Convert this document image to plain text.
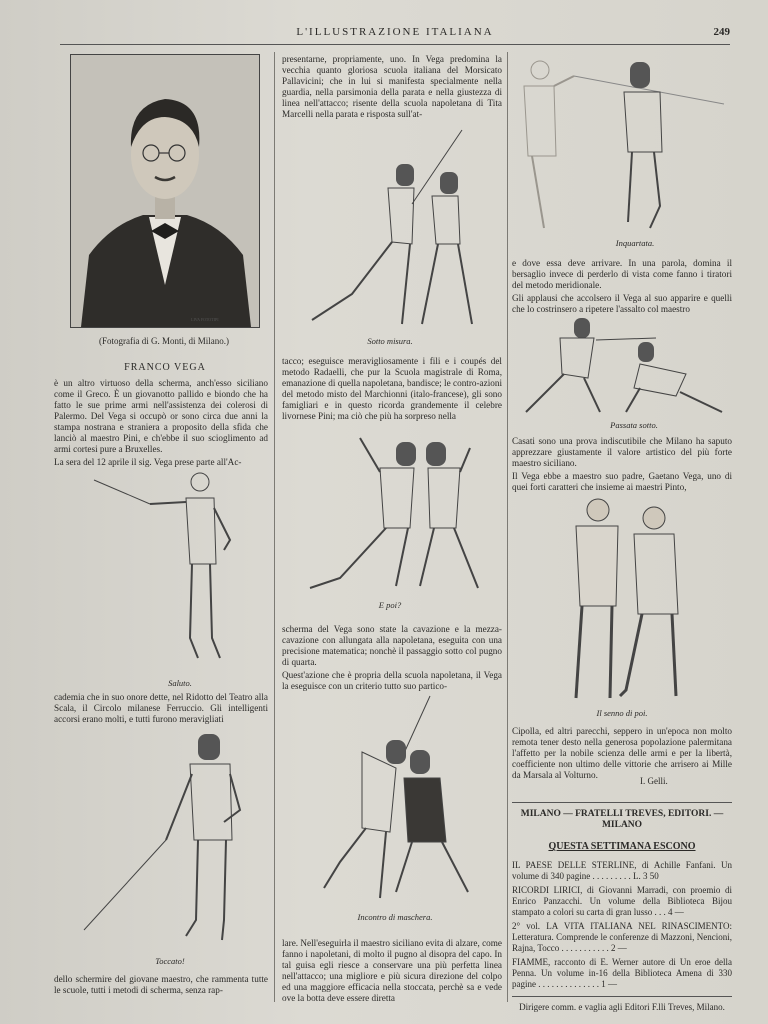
L'ILLUSTRAZIONE ITALIANA	249
LIVA FOTOTIPI
(Fotografia di G. Monti, di Milano.)
FRANCO VEGA

è un altro virtuoso della scherma, anch'esso siciliano come il Greco. È un giovanotto pallido e biondo che ha fatto le sue prime armi nell'assistenza dei colerosi di Palermo. Del Vega si occupò or sono circa due anni la stampa nostrana e straniera a proposito della sfida che lanciò al maestro Pini, e ch'ebbe il suo scioglimento ad armi cortesi pure a Bruxelles.

La sera del 12 aprile il sig. Vega prese parte all'Ac-

Saluto.

cademia che in suo onore dette, nel Ridotto del Teatro alla Scala, il Circolo milanese Ferruccio. Gli intelligenti accorsi erano molti, e tutti furono meravigliati

Toccato!

dello schermire del giovane maestro, che rammenta tutte le scuole, tutti i metodi di scherma, senza rap-

presentarne, propriamente, uno. In Vega predomina la vecchia quanto gloriosa scuola italiana del Morsicato Pallavicini; che in lui si manifesta specialmente nella guardia, nella parsimonia della parata e nella giustezza di linea nell'attacco; risente della scuola napoletana di Tita Marcelli nella parata e risposta sull'at-

Sotto misura.

tacco; eseguisce meravigliosamente i fili e i coupés del metodo Radaelli, che pur la Scuola magistrale di Roma, emanazione di quella napoletana, bandisce; le contro-azioni del metodo misto del Marchionni (italo-francese), gli sono famigliari e in questo ricorda grandemente il celebre livornese Pini; ma ciò che più ha sorpreso nella

E poi?

scherma del Vega sono state la cavazione e la mezza-cavazione con allungata alla napoletana, eseguita con una precisione matematica; nonchè il passaggio sotto col pugno di quarta.

Quest'azione che è propria della scuola napoletana, il Vega la eseguisce con un criterio tutto suo partico-

Incontro di maschera.

lare. Nell'eseguirla il maestro siciliano evita di alzare, come fanno i napoletani, di molto il pugno al disopra del capo. In tal guisa egli riesce a conservare una più perfetta linea nell'attacco; una migliore e più sicura direzione del colpo ed una maggiore efficacia nella stoccata, perchè sa e vede ove la botta deve essere diretta

Inquartata.

e dove essa deve arrivare. In una parola, domina il bersaglio invece di perderlo di vista come fanno i tiratori del metodo meridionale.

Gli applausi che accolsero il Vega al suo apparire e quelli che lo costrinsero a ripetere l'assalto col maestro

Passata sotto.

Casati sono una prova indiscutibile che Milano ha saputo apprezzare giustamente il valore artistico del più forte maestro siciliano.

Il Vega ebbe a maestro suo padre, Gaetano Vega, uno di quei forti caratteri che insieme ai maestri Pinto,

Il senno di poi.

Cipolla, ed altri parecchi, seppero in un'epoca non molto remota tener desto nella generosa popolazione palermitana l'affetto per la nobile scienza delle armi e per la libertà, coefficiente non ultimo delle vittorie che arrisero ai Mille da Marsala al Volturno.

I. Gelli.
MILANO — FRATELLI TREVES, EDITORI. — MILANO
QUESTA SETTIMANA ESCONO
IL PAESE DELLE STERLINE, di Achille Fanfani. Un volume di 340 pagine . . . . . . . . . L. 3 50
RICORDI LIRICI, di Giovanni Marradi, con proemio di Enrico Panzacchi. Un volume della Biblioteca Bijou stampato a colori su carta di gran lusso . . . 4 —
2° vol. LA VITA ITALIANA NEL RINASCIMENTO: Letteratura. Comprende le conferenze di Mazzoni, Nencioni, Rajna, Tocco . . . . . . . . . . . 2 —
FIAMME, racconto di E. Werner autore di Un eroe della Penna. Un volume in-16 della Biblioteca Amena di 330 pagine . . . . . . . . . . . . . . 1 —
Dirigere comm. e vaglia agli Editori F.lli Treves, Milano.
